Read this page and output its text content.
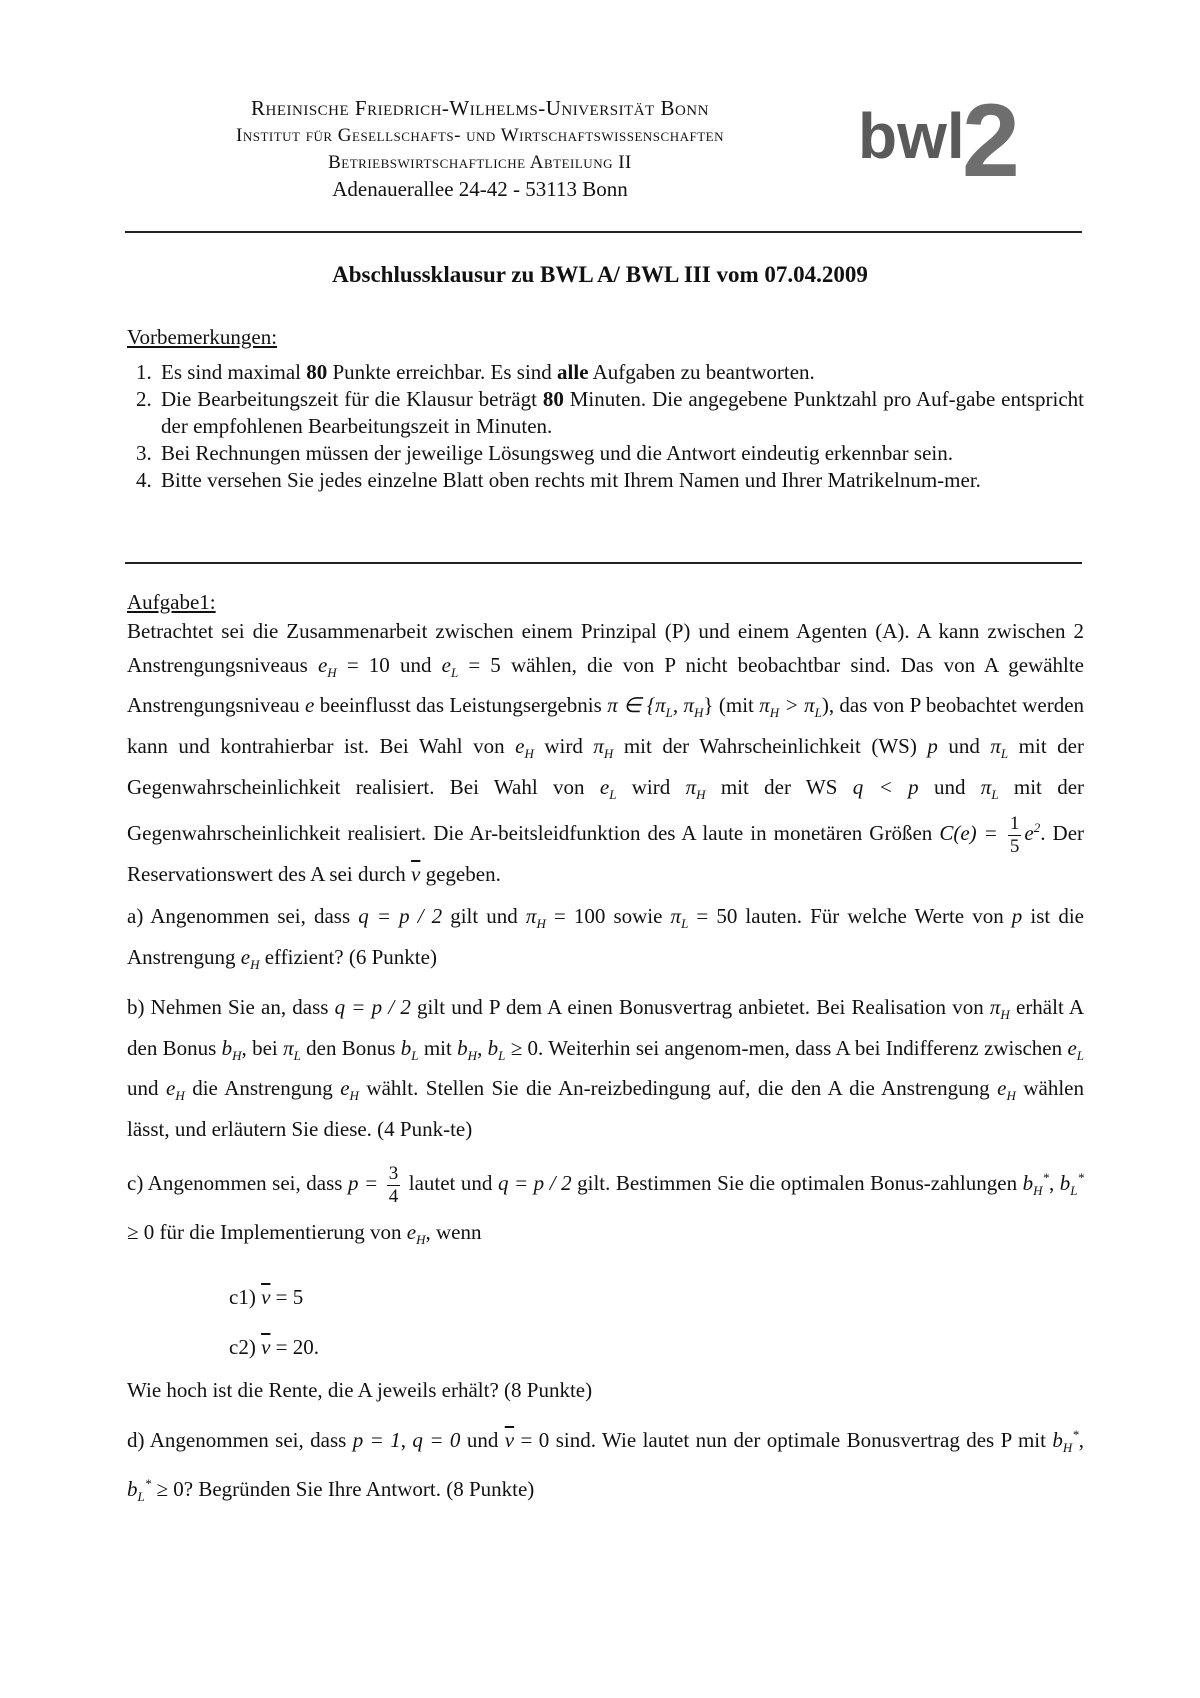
Rheinische Friedrich-Wilhelms-Universität Bonn
Institut für Gesellschafts- und Wirtschaftswissenschaften
Betriebswirtschaftliche Abteilung II
Adenauerallee 24-42 - 53113 Bonn
bwl
2
Abschlussklausur zu BWL A/ BWL III vom 07.04.2009
Vorbemerkungen:
1. Es sind maximal 80 Punkte erreichbar. Es sind alle Aufgaben zu beantworten.
2. Die Bearbeitungszeit für die Klausur beträgt 80 Minuten. Die angegebene Punktzahl pro Auf-gabe entspricht der empfohlenen Bearbeitungszeit in Minuten.
3. Bei Rechnungen müssen der jeweilige Lösungsweg und die Antwort eindeutig erkennbar sein.
4. Bitte versehen Sie jedes einzelne Blatt oben rechts mit Ihrem Namen und Ihrer Matrikelnum-mer.
Aufgabe1:
Betrachtet sei die Zusammenarbeit zwischen einem Prinzipal (P) und einem Agenten (A). A kann zwischen 2 Anstrengungsniveaus $e_H = 10$ und $e_L = 5$ wählen, die von P nicht beobachtbar sind. Das von A gewählte Anstrengungsniveau e beeinflusst das Leistungsergebnis π ∈ {$\pi_L$, $\pi_H$} (mit $\pi_H > \pi_L$), das von P beobachtet werden kann und kontrahierbar ist. Bei Wahl von $e_H$ wird $\pi_H$ mit der Wahrscheinlichkeit (WS) p und $\pi_L$ mit der Gegenwahrscheinlichkeit realisiert. Bei Wahl von $e_L$ wird $\pi_H$ mit der WS q < p und $\pi_L$ mit der Gegenwahrscheinlichkeit realisiert. Die Ar-beitsleidfunktion des A laute in monetären Größen $C(e) = \frac{1}{5} e^2$. Der Reservationswert des A sei durch $\overline{v}$ gegeben.
a) Angenommen sei, dass q = p / 2 gilt und $\pi_H = 100$ sowie $\pi_L = 50$ lauten. Für welche Werte von p ist die Anstrengung $e_H$ effizient? (6 Punkte)
b) Nehmen Sie an, dass q = p / 2 gilt und P dem A einen Bonusvertrag anbietet. Bei Realisation von $\pi_H$ erhält A den Bonus $b_H$, bei $\pi_L$ den Bonus $b_L$ mit $b_H$, $b_L \ge 0$. Weiterhin sei angenom-men, dass A bei Indifferenz zwischen $e_L$ und $e_H$ die Anstrengung $e_H$ wählt. Stellen Sie die An-reizbedingung auf, die den A die Anstrengung $e_H$ wählen lässt, und erläutern Sie diese. (4 Punk-te)
c) Angenommen sei, dass $p = \frac{3}{4}$ lautet und q = p / 2 gilt. Bestimmen Sie die optimalen Bonus-zahlungen $b_H^*$, $b_L^* \ge 0$ für die Implementierung von $e_H$, wenn
c1) $\overline{v} = 5$
c2) $\overline{v} = 20$.
Wie hoch ist die Rente, die A jeweils erhält? (8 Punkte)
d) Angenommen sei, dass p = 1, q = 0 und $\overline{v} = 0$ sind. Wie lautet nun der optimale Bonusvertrag des P mit $b_H^*$, $b_L^* \ge 0$? Begründen Sie Ihre Antwort. (8 Punkte)
